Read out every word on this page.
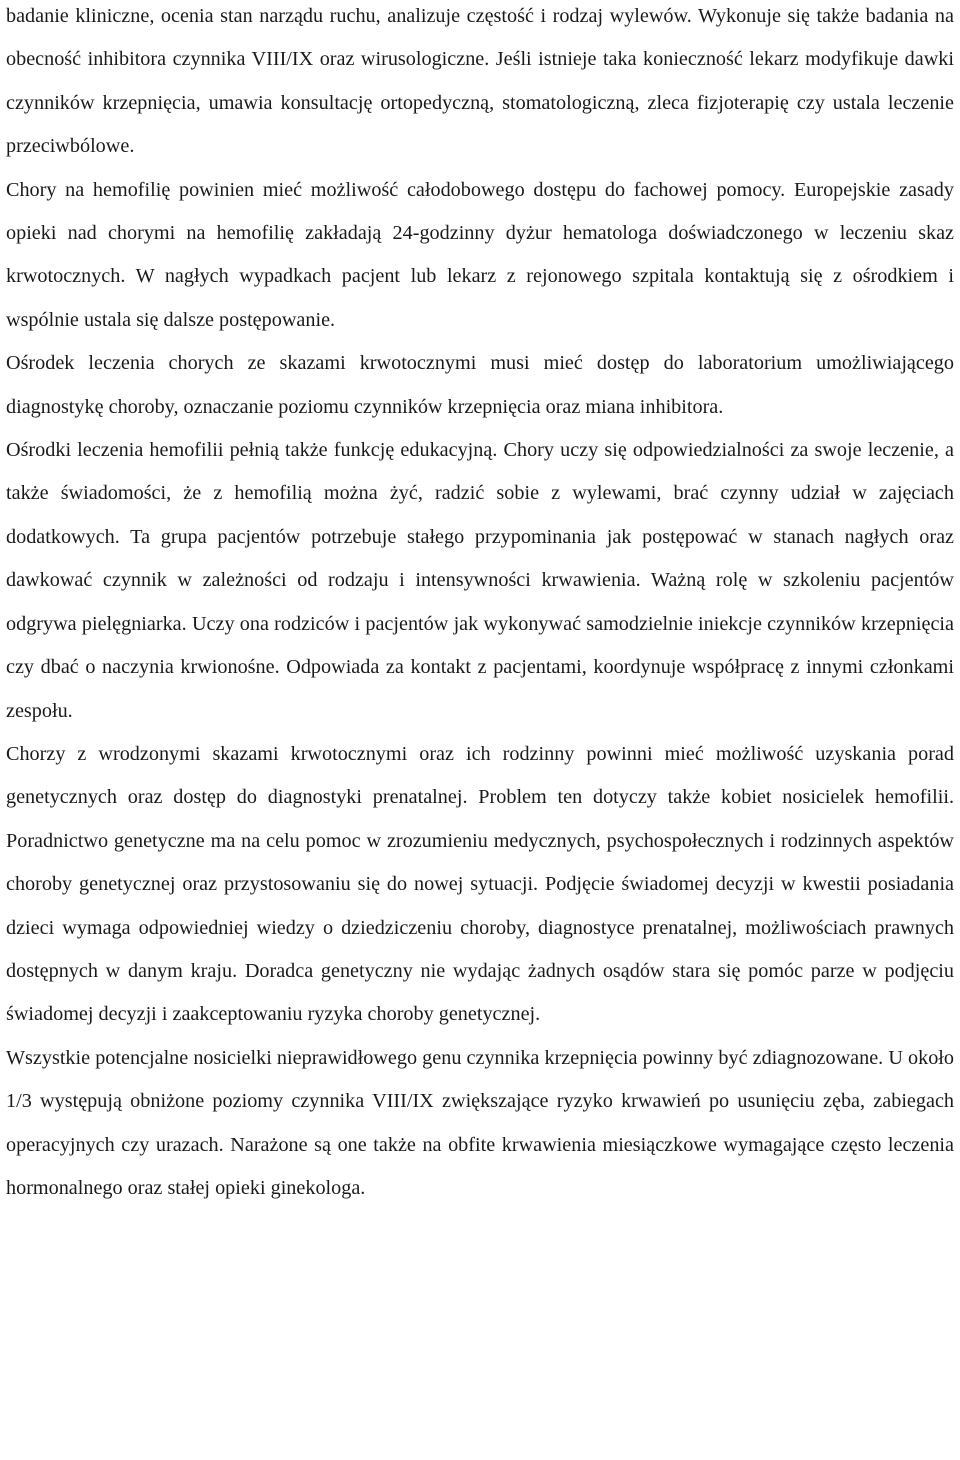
badanie kliniczne, ocenia stan narządu ruchu, analizuje częstość i rodzaj wylewów. Wykonuje się także badania na obecność inhibitora czynnika VIII/IX oraz wirusologiczne. Jeśli istnieje taka konieczność lekarz modyfikuje dawki czynników krzepnięcia, umawia konsultację ortopedyczną, stomatologiczną, zleca fizjoterapię czy ustala leczenie przeciwbólowe.

Chory na hemofilię powinien mieć możliwość całodobowego dostępu do fachowej pomocy. Europejskie zasady opieki nad chorymi na hemofilię zakładają 24-godzinny dyżur hematologa doświadczonego w leczeniu skaz krwotocznych. W nagłych wypadkach pacjent lub lekarz z rejonowego szpitala kontaktują się z ośrodkiem i wspólnie ustala się dalsze postępowanie.

Ośrodek leczenia chorych ze skazami krwotocznymi musi mieć dostęp do laboratorium umożliwiającego diagnostykę choroby, oznaczanie poziomu czynników krzepnięcia oraz miana inhibitora.

Ośrodki leczenia hemofilii pełnią także funkcję edukacyjną. Chory uczy się odpowiedzialności za swoje leczenie, a także świadomości, że z hemofilią można żyć, radzić sobie z wylewami, brać czynny udział w zajęciach dodatkowych. Ta grupa pacjentów potrzebuje stałego przypominania jak postępować w stanach nagłych oraz dawkować czynnik w zależności od rodzaju i intensywności krwawienia. Ważną rolę w szkoleniu pacjentów odgrywa pielęgniarka. Uczy ona rodziców i pacjentów jak wykonywać samodzielnie iniekcje czynników krzepnięcia czy dbać o naczynia krwionośne. Odpowiada za kontakt z pacjentami, koordynuje współpracę z innymi członkami zespołu.

Chorzy z wrodzonymi skazami krwotocznymi oraz ich rodzinny powinni mieć możliwość uzyskania porad genetycznych oraz dostęp do diagnostyki prenatalnej. Problem ten dotyczy także kobiet nosicielek hemofilii. Poradnictwo genetyczne ma na celu pomoc w zrozumieniu medycznych, psychospołecznych i rodzinnych aspektów choroby genetycznej oraz przystosowaniu się do nowej sytuacji. Podjęcie świadomej decyzji w kwestii posiadania dzieci wymaga odpowiedniej wiedzy o dziedziczeniu choroby, diagnostyce prenatalnej, możliwościach prawnych dostępnych w danym kraju. Doradca genetyczny nie wydając żadnych osądów stara się pomóc parze w podjęciu świadomej decyzji i zaakceptowaniu ryzyka choroby genetycznej.

Wszystkie potencjalne nosicielki nieprawidłowego genu czynnika krzepnięcia powinny być zdiagnozowane. U około 1/3 występują obniżone poziomy czynnika VIII/IX zwiększające ryzyko krwawień po usunięciu zęba, zabiegach operacyjnych czy urazach. Narażone są one także na obfite krwawienia miesiączkowe wymagające często leczenia hormonalnego oraz stałej opieki ginekologa.
